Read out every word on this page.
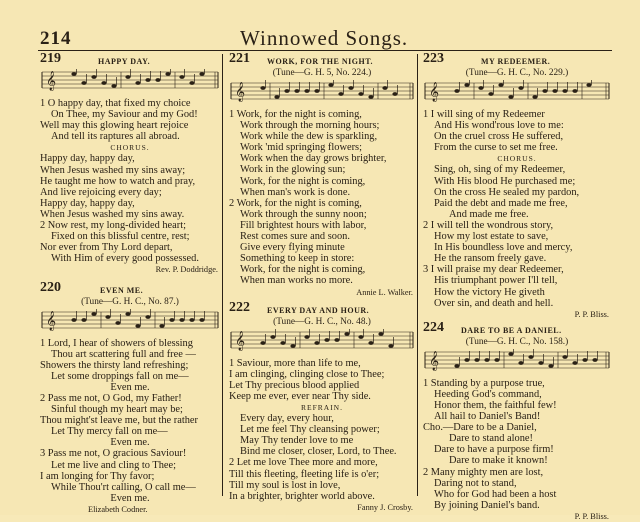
214	Winnowed Songs.
219	HAPPY DAY.
𝄞
1 O happy day, that fixed my choice
On Thee, my Saviour and my God!
Well may this glowing heart rejoice
And tell its raptures all abroad.
CHORUS.
Happy day, happy day,
When Jesus washed my sins away;
He taught me how to watch and pray,
And live rejoicing every day;
Happy day, happy day,
When Jesus washed my sins away.
2 Now rest, my long-divided heart;
Fixed on this blissful centre, rest;
Nor ever from Thy Lord depart,
With Him of every good possessed.
Rev. P. Doddridge.
220	EVEN ME.
(Tune—G. H. C., No. 87.)
𝄞
1 Lord, I hear of showers of blessing
Thou art scattering full and free —
Showers the thirsty land refreshing;
Let some droppings fall on me—
Even me.
2 Pass me not, O God, my Father!
Sinful though my heart may be;
Thou might'st leave me, but the rather
Let Thy mercy fall on me—
Even me.
3 Pass me not, O gracious Saviour!
Let me live and cling to Thee;
I am longing for Thy favor;
While Thou'rt calling, O call me—
Even me.
Elizabeth Codner.
221 WORK, FOR THE NIGHT.
(Tune—G. H. 5, No. 224.)
𝄞
1 Work, for the night is coming,
Work through the morning hours;
Work while the dew is sparkling,
Work 'mid springing flowers;
Work when the day grows brighter,
Work in the glowing sun;
Work, for the night is coming,
When man's work is done.
2 Work, for the night is coming,
Work through the sunny noon;
Fill brightest hours with labor,
Rest comes sure and soon.
Give every flying minute
Something to keep in store:
Work, for the night is coming,
When man works no more.
Annie L. Walker.
222 EVERY DAY AND HOUR.
(Tune—G. H. C., No. 48.)
𝄞
1 Saviour, more than life to me,
I am clinging, clinging close to Thee;
Let Thy precious blood applied
Keep me ever, ever near Thy side.
REFRAIN.
Every day, every hour,
Let me feel Thy cleansing power;
May Thy tender love to me
Bind me closer, closer, Lord, to Thee.
2 Let me love Thee more and more,
Till this fleeting, fleeting life is o'er;
Till my soul is lost in love,
In a brighter, brighter world above.
Fanny J. Crosby.
223	MY REDEEMER.
(Tune—G. H. C., No. 229.)
𝄞
1 I will sing of my Redeemer
And His wond'rous love to me:
On the cruel cross He suffered,
From the curse to set me free.
CHORUS.
Sing, oh, sing of my Redeemer,
With His blood He purchased me;
On the cross He sealed my pardon,
Paid the debt and made me free,
And made me free.
2 I will tell the wondrous story,
How my lost estate to save,
In His boundless love and mercy,
He the ransom freely gave.
3 I will praise my dear Redeemer,
His triumphant power I'll tell,
How the victory He giveth
Over sin, and death and hell.
P. P. Bliss.
224 DARE TO BE A DANIEL.
(Tune—G. H. C., No. 158.)
𝄞
1 Standing by a purpose true,
Heeding God's command,
Honor them, the faithful few!
All hail to Daniel's Band!
Cho.—Dare to be a Daniel,
Dare to stand alone!
Dare to have a purpose firm!
Dare to make it known!
2 Many mighty men are lost,
Daring not to stand,
Who for God had been a host
By joining Daniel's band.
P. P. Bliss.
